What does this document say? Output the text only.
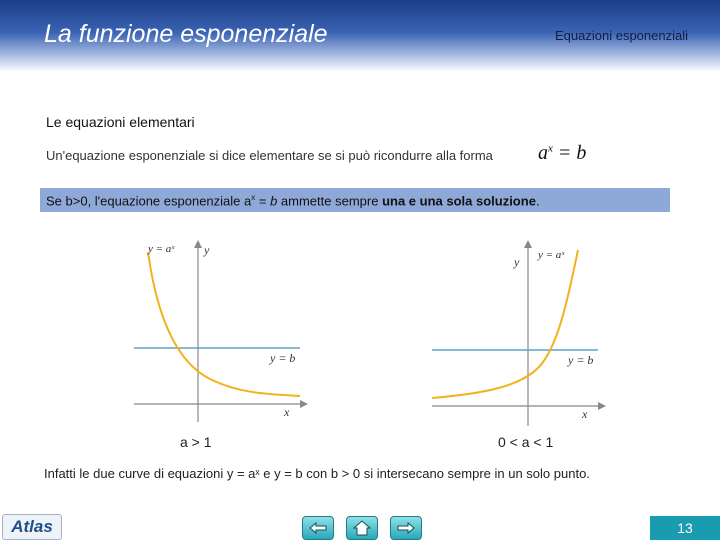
La funzione esponenziale	Equazioni esponenziali
Le equazioni elementari
Un'equazione esponenziale si dice elementare se si può ricondurre alla forma $a^x = b$
Se b>0, l'equazione esponenziale $a^x = b$ ammette sempre una e una sola soluzione.
y = aˣ y
y = b
x
a > 1
y = aˣ
y
y = b
x
0 < a < 1
Infatti le due curve di equazioni y = aˣ e y = b con b > 0 si intersecano sempre in un solo punto.
Atlas	13
